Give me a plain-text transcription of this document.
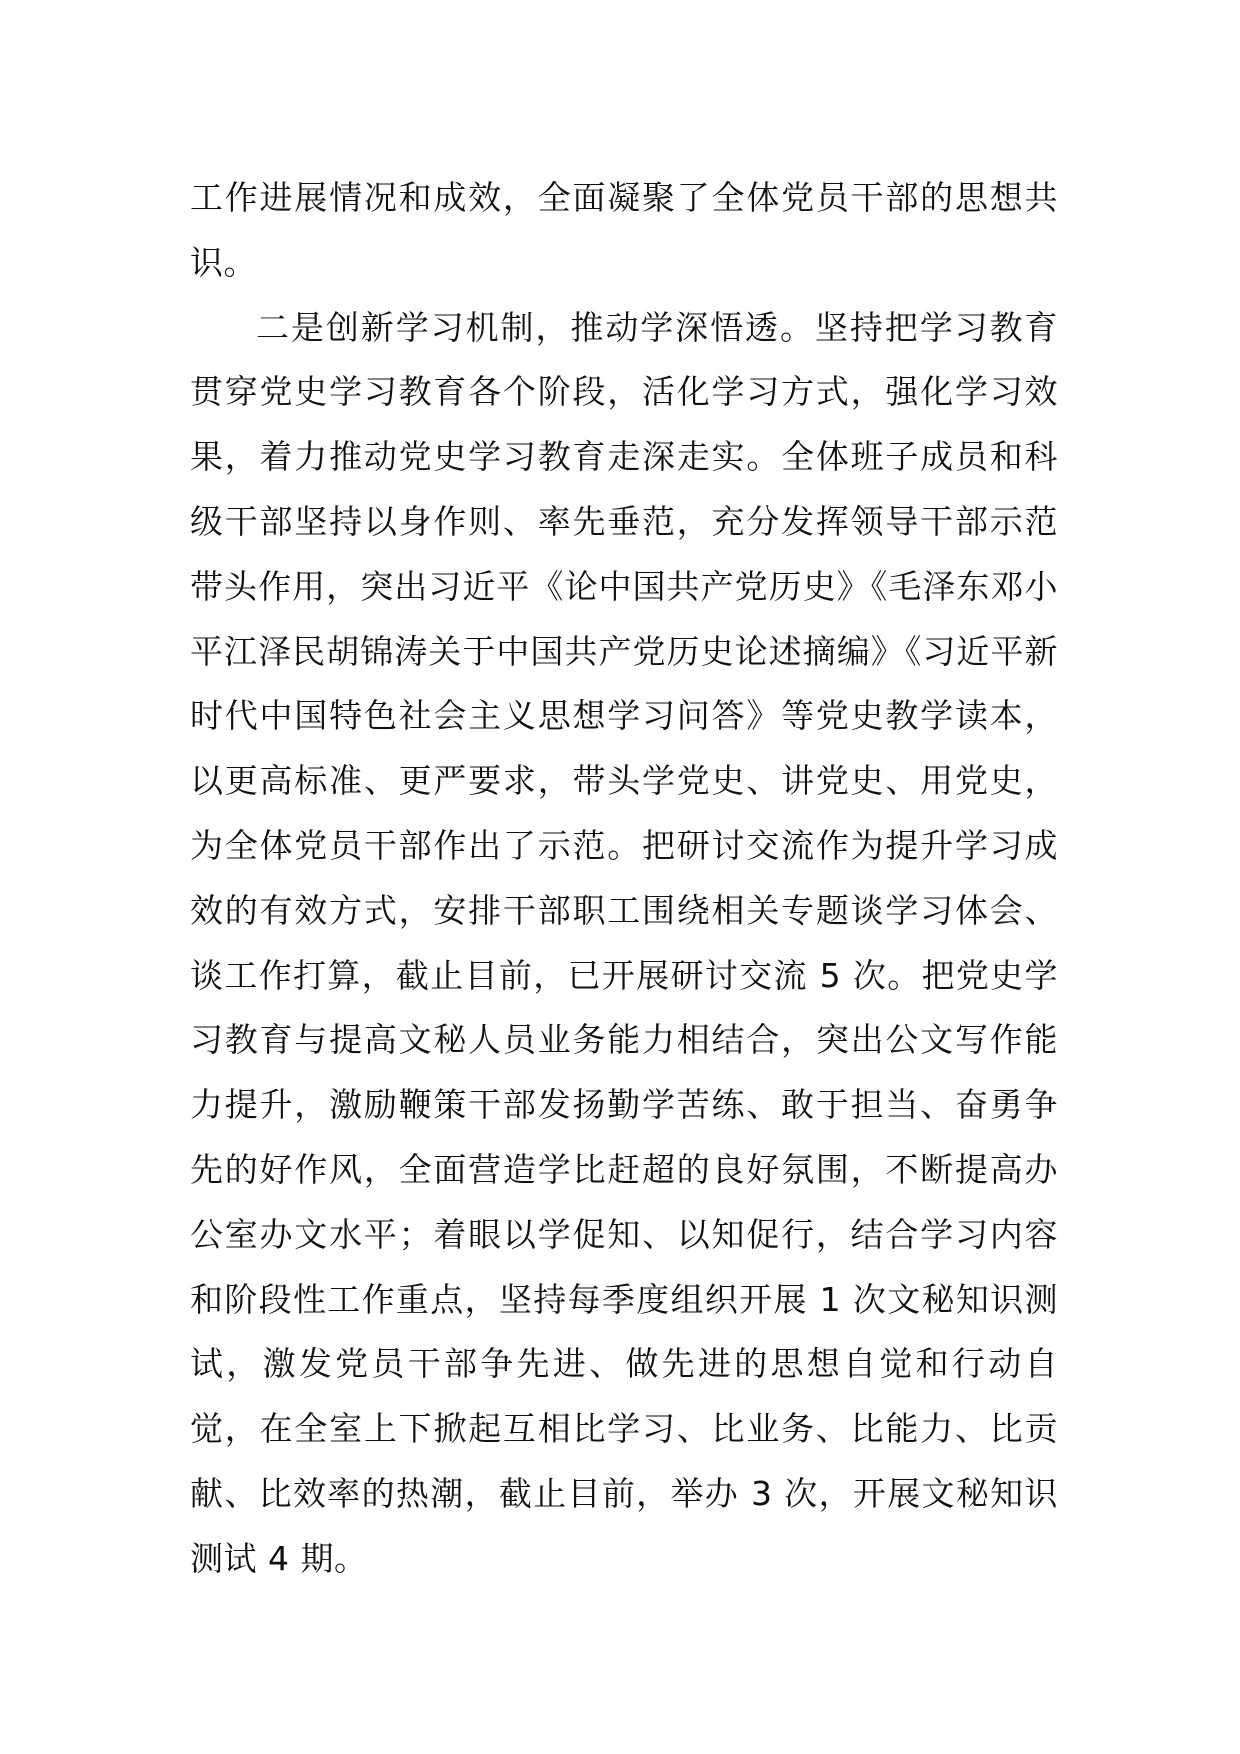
工作进展情况和成效，全面凝聚了全体党员干部的思想共识。

二是创新学习机制，推动学深悟透。坚持把学习教育贯穿党史学习教育各个阶段，活化学习方式，强化学习效果，着力推动党史学习教育走深走实。全体班子成员和科级干部坚持以身作则、率先垂范，充分发挥领导干部示范带头作用，突出习近平《论中国共产党历史》《毛泽东邓小平江泽民胡锦涛关于中国共产党历史论述摘编》《习近平新时代中国特色社会主义思想学习问答》等党史教学读本，以更高标准、更严要求，带头学党史、讲党史、用党史，为全体党员干部作出了示范。把研讨交流作为提升学习成效的有效方式，安排干部职工围绕相关专题谈学习体会、谈工作打算，截止目前，已开展研讨交流 5 次。把党史学习教育与提高文秘人员业务能力相结合，突出公文写作能力提升，激励鞭策干部发扬勤学苦练、敢于担当、奋勇争先的好作风，全面营造学比赶超的良好氛围，不断提高办公室办文水平；着眼以学促知、以知促行，结合学习内容和阶段性工作重点，坚持每季度组织开展 1 次文秘知识测试，激发党员干部争先进、做先进的思想自觉和行动自觉，在全室上下掀起互相比学习、比业务、比能力、比贡献、比效率的热潮，截止目前，举办 3 次，开展文秘知识测试 4 期。
